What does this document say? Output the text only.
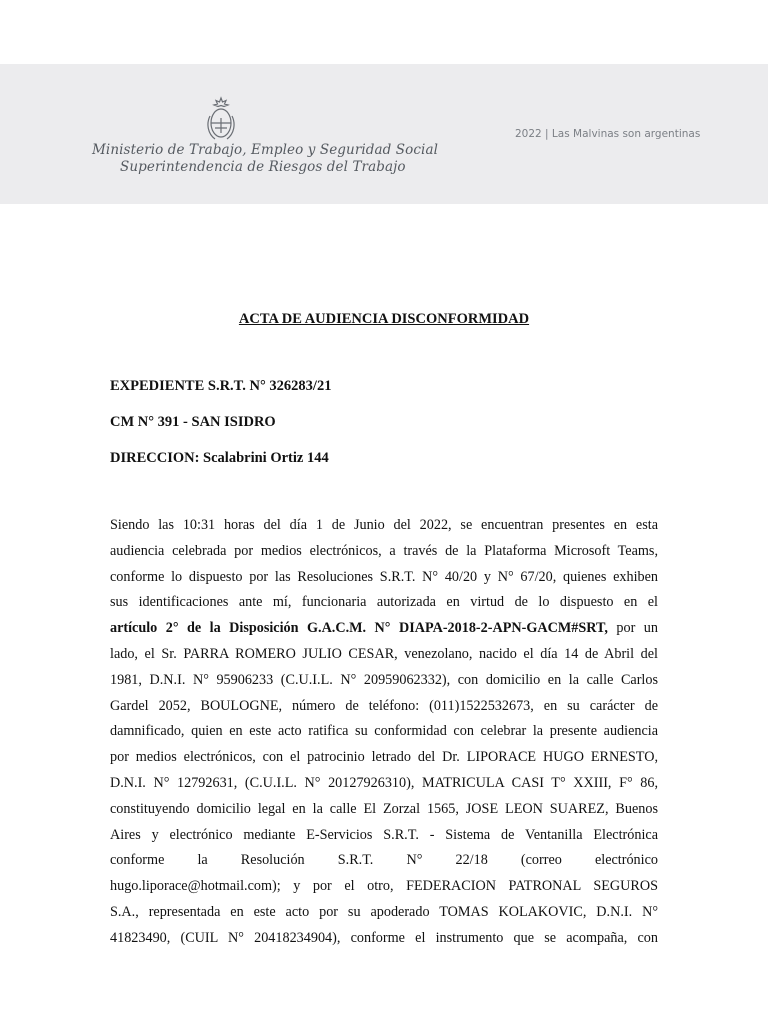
Ministerio de Trabajo, Empleo y Seguridad Social
Superintendencia de Riesgos del Trabajo
2022 | Las Malvinas son argentinas
ACTA DE AUDIENCIA DISCONFORMIDAD
EXPEDIENTE S.R.T. N° 326283/21
CM N° 391 - SAN ISIDRO
DIRECCION: Scalabrini Ortiz 144

Siendo las 10:31 horas del día 1 de Junio del 2022, se encuentran presentes en esta

audiencia celebrada por medios electrónicos, a través de la Plataforma Microsoft Teams,

conforme lo dispuesto por las Resoluciones S.R.T. N° 40/20 y N° 67/20, quienes exhiben

sus identificaciones ante mí, funcionaria autorizada en virtud de lo dispuesto en el

artículo 2° de la Disposición G.A.C.M. N° DIAPA-2018-2-APN-GACM#SRT, por un

lado, el Sr. PARRA ROMERO JULIO CESAR, venezolano, nacido el día 14 de Abril del

1981, D.N.I. N° 95906233 (C.U.I.L. N° 20959062332), con domicilio en la calle Carlos

Gardel 2052, BOULOGNE, número de teléfono: (011)1522532673, en su carácter de

damnificado, quien en este acto ratifica su conformidad con celebrar la presente audiencia

por medios electrónicos, con el patrocinio letrado del Dr. LIPORACE HUGO ERNESTO,

D.N.I. N° 12792631, (C.U.I.L. N° 20127926310), MATRICULA CASI T° XXIII, F° 86,

constituyendo domicilio legal en la calle El Zorzal 1565, JOSE LEON SUAREZ, Buenos

Aires y electrónico mediante E-Servicios S.R.T. - Sistema de Ventanilla Electrónica

conforme la Resolución S.R.T. N° 22/18 (correo electrónico

hugo.liporace@hotmail.com); y por el otro, FEDERACION PATRONAL SEGUROS

S.A., representada en este acto por su apoderado TOMAS KOLAKOVIC, D.N.I. N°

41823490, (CUIL N° 20418234904), conforme el instrumento que se acompaña, con
